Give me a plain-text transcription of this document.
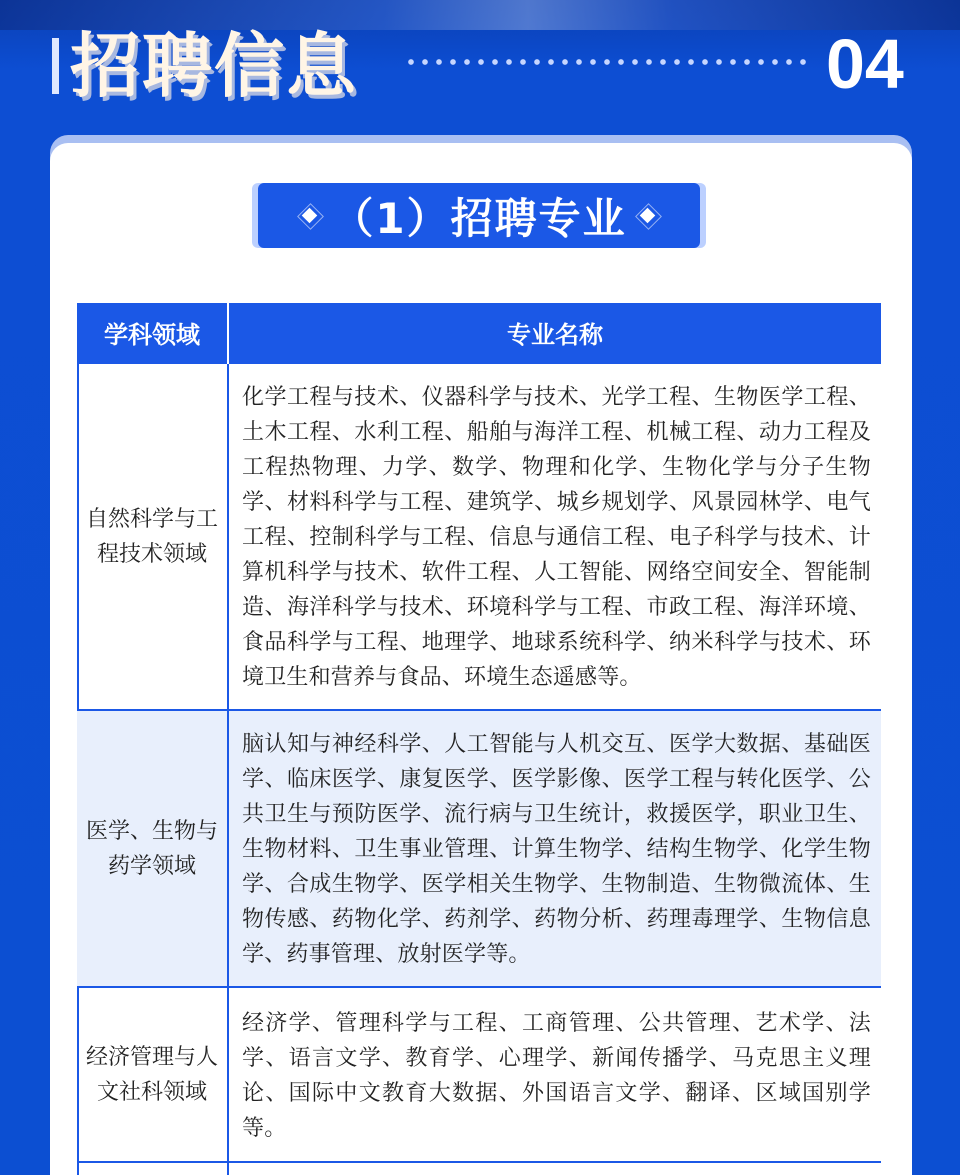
招聘信息	04
（1）招聘专业
学科领域	专业名称
自然科学与工程技术领域	化学工程与技术、仪器科学与技术、光学工程、生物医学工程、土木工程、水利工程、船舶与海洋工程、机械工程、动力工程及工程热物理、力学、数学、物理和化学、生物化学与分子生物学、材料科学与工程、建筑学、城乡规划学、风景园林学、电气工程、控制科学与工程、信息与通信工程、电子科学与技术、计算机科学与技术、软件工程、人工智能、网络空间安全、智能制造、海洋科学与技术、环境科学与工程、市政工程、海洋环境、食品科学与工程、地理学、地球系统科学、纳米科学与技术、环境卫生和营养与食品、环境生态遥感等。
医学、生物与药学领域	脑认知与神经科学、人工智能与人机交互、医学大数据、基础医学、临床医学、康复医学、医学影像、医学工程与转化医学、公共卫生与预防医学、流行病与卫生统计，救援医学，职业卫生、生物材料、卫生事业管理、计算生物学、结构生物学、化学生物学、合成生物学、医学相关生物学、生物制造、生物微流体、生物传感、药物化学、药剂学、药物分析、药理毒理学、生物信息学、药事管理、放射医学等。
经济管理与人文社科领域	经济学、管理科学与工程、工商管理、公共管理、艺术学、法学、语言文学、教育学、心理学、新闻传播学、马克思主义理论、国际中文教育大数据、外国语言文学、翻译、区域国别学等。
